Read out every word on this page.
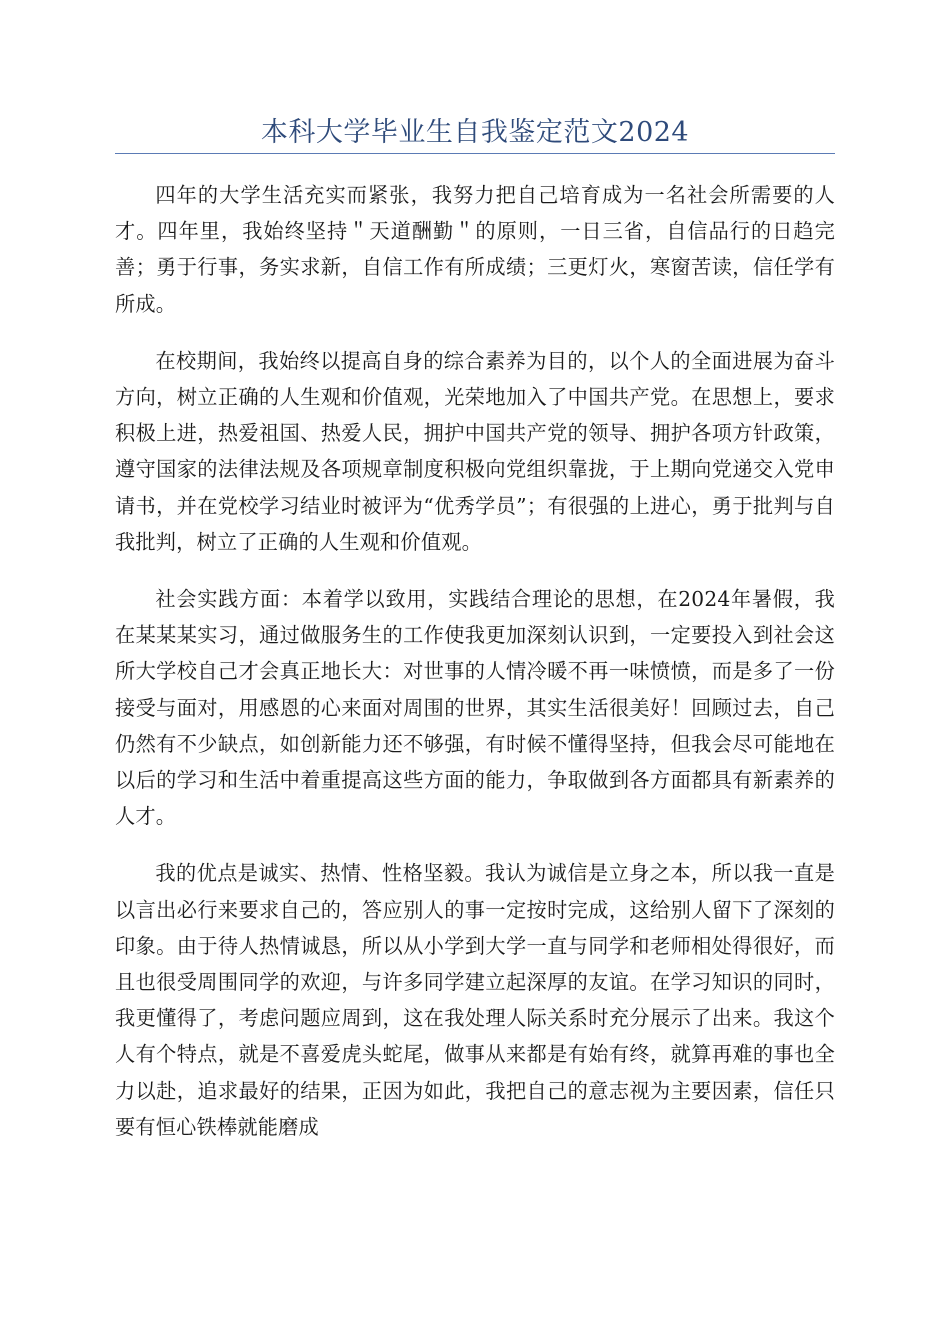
本科大学毕业生自我鉴定范文2024

四年的大学生活充实而紧张，我努力把自己培育成为一名社会所需要的人才。四年里，我始终坚持＂天道酬勤＂的原则，一日三省，自信品行的日趋完善；勇于行事，务实求新，自信工作有所成绩；三更灯火，寒窗苦读，信任学有所成。

在校期间，我始终以提高自身的综合素养为目的，以个人的全面进展为奋斗方向，树立正确的人生观和价值观，光荣地加入了中国共产党。在思想上，要求积极上进，热爱祖国、热爱人民，拥护中国共产党的领导、拥护各项方针政策，遵守国家的法律法规及各项规章制度积极向党组织靠拢，于上期向党递交入党申请书，并在党校学习结业时被评为“优秀学员”；有很强的上进心，勇于批判与自我批判，树立了正确的人生观和价值观。

社会实践方面：本着学以致用，实践结合理论的思想，在2024年暑假，我在某某某实习，通过做服务生的工作使我更加深刻认识到，一定要投入到社会这所大学校自己才会真正地长大：对世事的人情冷暖不再一味愤愤，而是多了一份接受与面对，用感恩的心来面对周围的世界，其实生活很美好！回顾过去，自己仍然有不少缺点，如创新能力还不够强，有时候不懂得坚持，但我会尽可能地在以后的学习和生活中着重提高这些方面的能力，争取做到各方面都具有新素养的人才。

我的优点是诚实、热情、性格坚毅。我认为诚信是立身之本，所以我一直是以言出必行来要求自己的，答应别人的事一定按时完成，这给别人留下了深刻的印象。由于待人热情诚恳，所以从小学到大学一直与同学和老师相处得很好，而且也很受周围同学的欢迎，与许多同学建立起深厚的友谊。在学习知识的同时，我更懂得了，考虑问题应周到，这在我处理人际关系时充分展示了出来。我这个人有个特点，就是不喜爱虎头蛇尾，做事从来都是有始有终，就算再难的事也全力以赴，追求最好的结果，正因为如此，我把自己的意志视为主要因素，信任只要有恒心铁棒就能磨成
